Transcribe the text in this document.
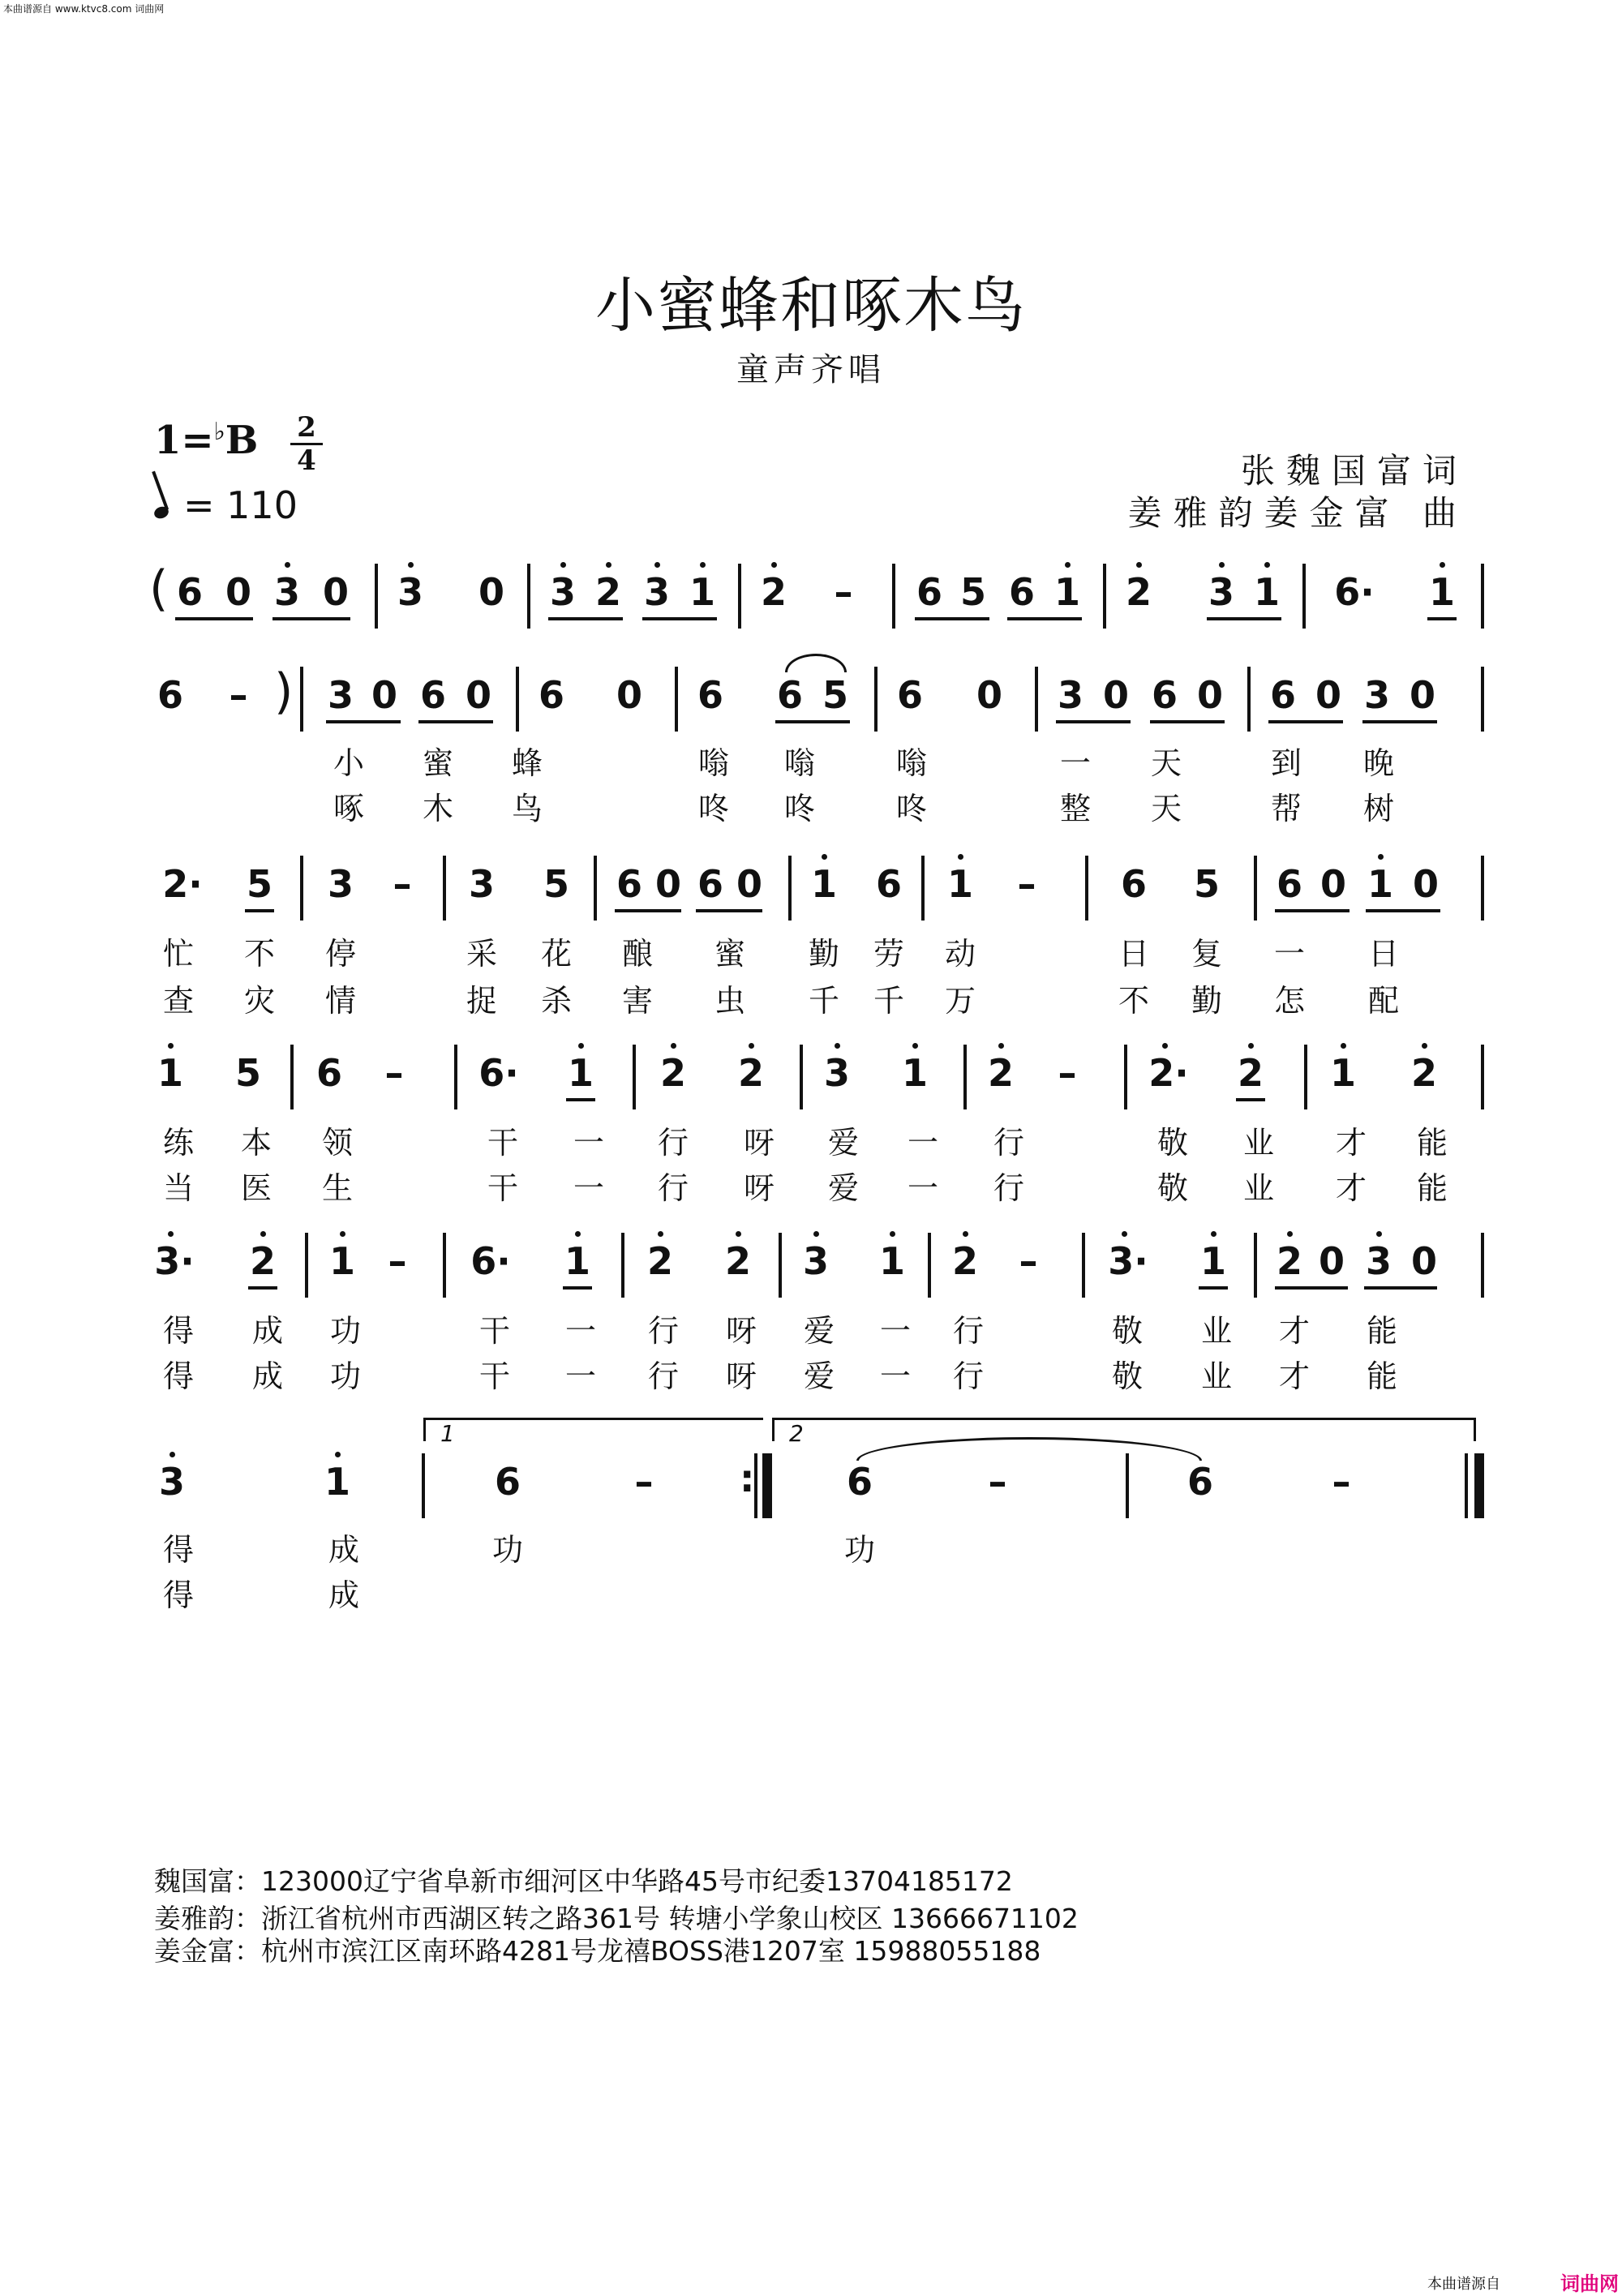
本曲谱源自 www.ktvc8.com 词曲网
小蜜蜂和啄木鸟
童声齐唱
1=♭B 2
4
= 110
张魏国富词
姜雅韵姜金富 曲
( 6 0 3 0 3 0 3 2 3 1 2 – 6 5 6 1 2 3 1	6·	1
6 – ) 3 0 6 0 6 0 6 6 5 6 0 3 0 6 0 6 0 3 0
小 蜜 蜂	嗡 嗡	嗡	一 天	到 晚
啄 木 鸟	咚 咚	咚	整 天	帮 树
2· 5 3 – 3 5 6 0 6 0 1 6 1 – 6 5 6 0 1 0
忙 不 停	采 花 酿 蜜 勤 劳 动	日 复 一 日
查 灾 情	捉 杀 害 虫 千 千 万	不 勤 怎 配
1 5 6 – 6· 1 2 2 3 1 2 – 2· 2 1 2
练 本 领	干 一 行 呀 爱 一 行	敬 业 才 能
当 医 生	干 一 行 呀 爱 一 行	敬 业 才 能
3· 2 1 – 6· 1 2 2 3 1 2 – 3· 1 2 0 3 0
得 成 功	干 一 行 呀 爱 一 行	敬 业 才 能
得 成 功	干 一 行 呀 爱 一 行	敬 业 才 能
1	2
3	1	6	– : 6	–	6	–
得	成	功	功
得	成
魏国富：123000辽宁省阜新市细河区中华路45号市纪委13704185172
姜雅韵：浙江省杭州市西湖区转之路361号 转塘小学象山校区 13666671102
姜金富：杭州市滨江区南环路4281号龙禧BOSS港1207室 15988055188
本曲谱源自	词曲网
